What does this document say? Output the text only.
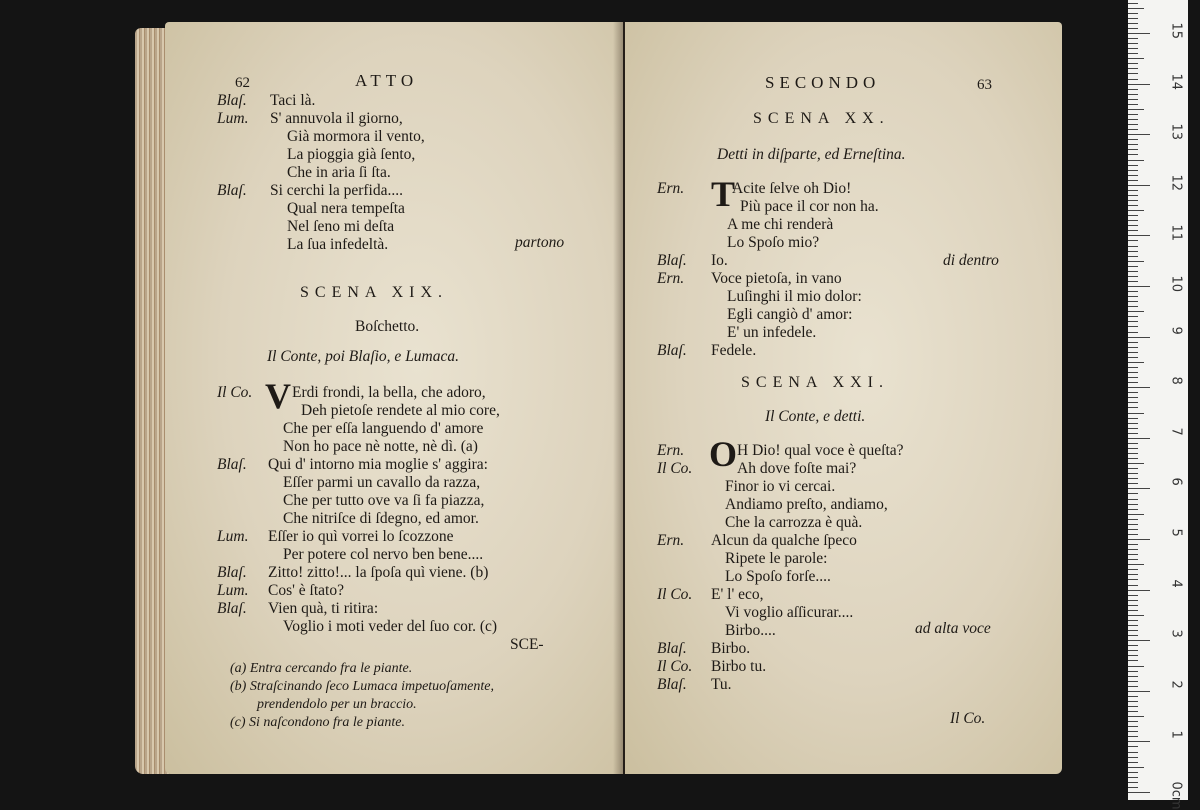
62	ATTO
Blaſ. Taci là.
Lum. S' annuvola il giorno,
Già mormora il vento,
La pioggia già ſento,
Che in aria ſi ſta.
Blaſ. Si cerchi la perfida....
Qual nera tempeſta
Nel ſeno mi deſta
La ſua infedeltà.	partono
SCENA XIX.
Boſchetto.
Il Conte, poi Blaſio, e Lumaca.
Il Co. V Erdi frondi, la bella, che adoro,
Deh pietoſe rendete al mio core,
Che per eſſa languendo d' amore
Non ho pace nè notte, nè dì. (a)
Blaſ. Qui d' intorno mia moglie s' aggira:
Eſſer parmi un cavallo da razza,
Che per tutto ove va ſi fa piazza,
Che nitriſce di ſdegno, ed amor.
Lum. Eſſer io quì vorrei lo ſcozzone
Per potere col nervo ben bene....
Blaſ. Zitto! zitto!... la ſpoſa quì viene. (b)
Lum. Cos' è ſtato?
Blaſ. Vien quà, ti ritira:
Voglio i moti veder del ſuo cor. (c)
SCE-
(a) Entra cercando fra le piante.
(b) Straſcinando ſeco Lumaca impetuoſamente,
prendendolo per un braccio.
(c) Si naſcondono fra le piante.
SECONDO	63
SCENA XX.
Detti in diſparte, ed Erneſtina.
Ern. T
Acite ſelve oh Dio!
Più pace il cor non ha.
A me chi renderà
Lo Spoſo mio?
Blaſ. Io.	di dentro
Ern. Voce pietoſa, in vano
Luſinghi il mio dolor:
Egli cangiò d' amor:
E' un infedele.
Blaſ. Fedele.
SCENA XXI.
Il Conte, e detti.
Ern. O H Dio! qual voce è queſta?
Il Co.	Ah dove foſte mai?
Finor io vi cercai.
Andiamo preſto, andiamo,
Che la carrozza è quà.
Ern. Alcun da qualche ſpeco
Ripete le parole:
Lo Spoſo forſe....
Il Co. E' l' eco,
Vi voglio aſſicurar....
Birbo....	ad alta voce
Blaſ. Birbo.
Il Co. Birbo tu.
Blaſ. Tu.
Il Co.
15
14
13
12
11
10
9
8
7
6
5
4
3
2
1
0cm
